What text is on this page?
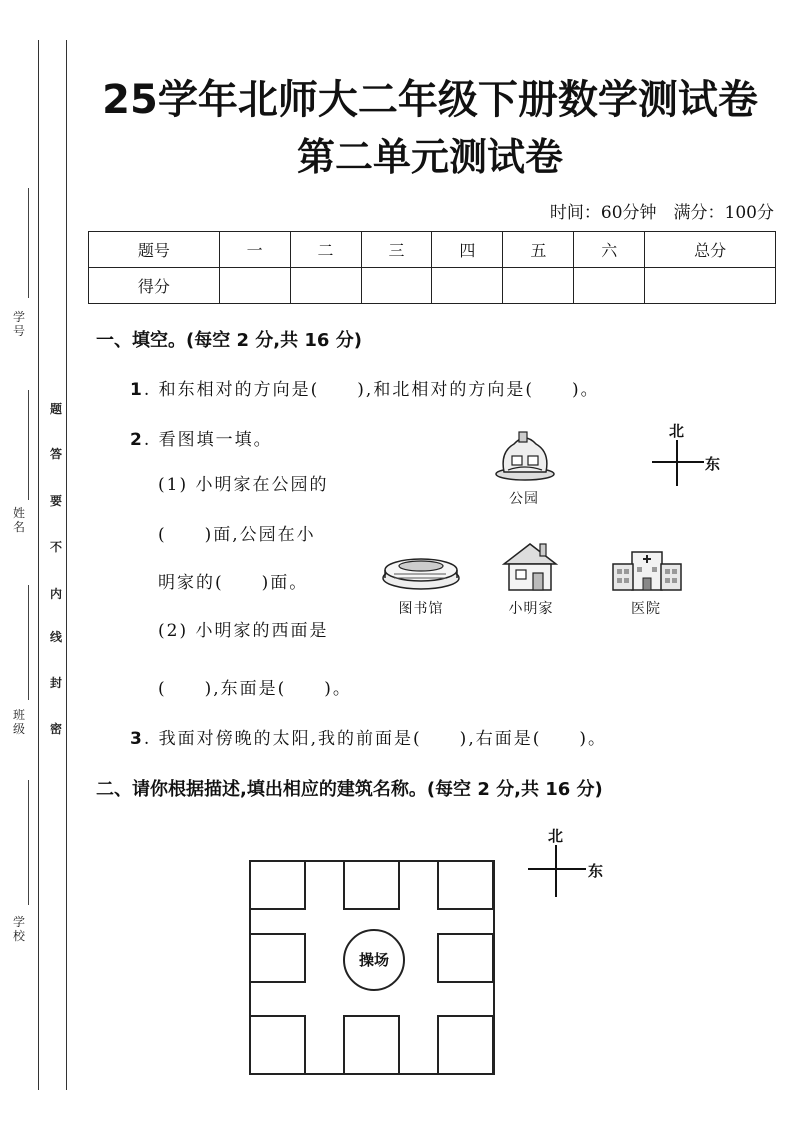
学号
姓名
班级
学校
题
答
要
不
内
线
封
密
25学年北师大二年级下册数学测试卷
第二单元测试卷
时间：60分钟　满分：100分
题号	一	二	三	四	五	六	总分
得分							
一、填空。(每空 2 分,共 16 分)
1. 和东相对的方向是(　　),和北相对的方向是(　　)。
2. 看图填一填。
(1) 小明家在公园的
(　　)面,公园在小
明家的(　　)面。
(2) 小明家的西面是
(　　),东面是(　　)。
3. 我面对傍晚的太阳,我的前面是(　　),右面是(　　)。
公园
图书馆	小明家	医院
北
东
二、请你根据描述,填出相应的建筑名称。(每空 2 分,共 16 分)
北
东
操场
